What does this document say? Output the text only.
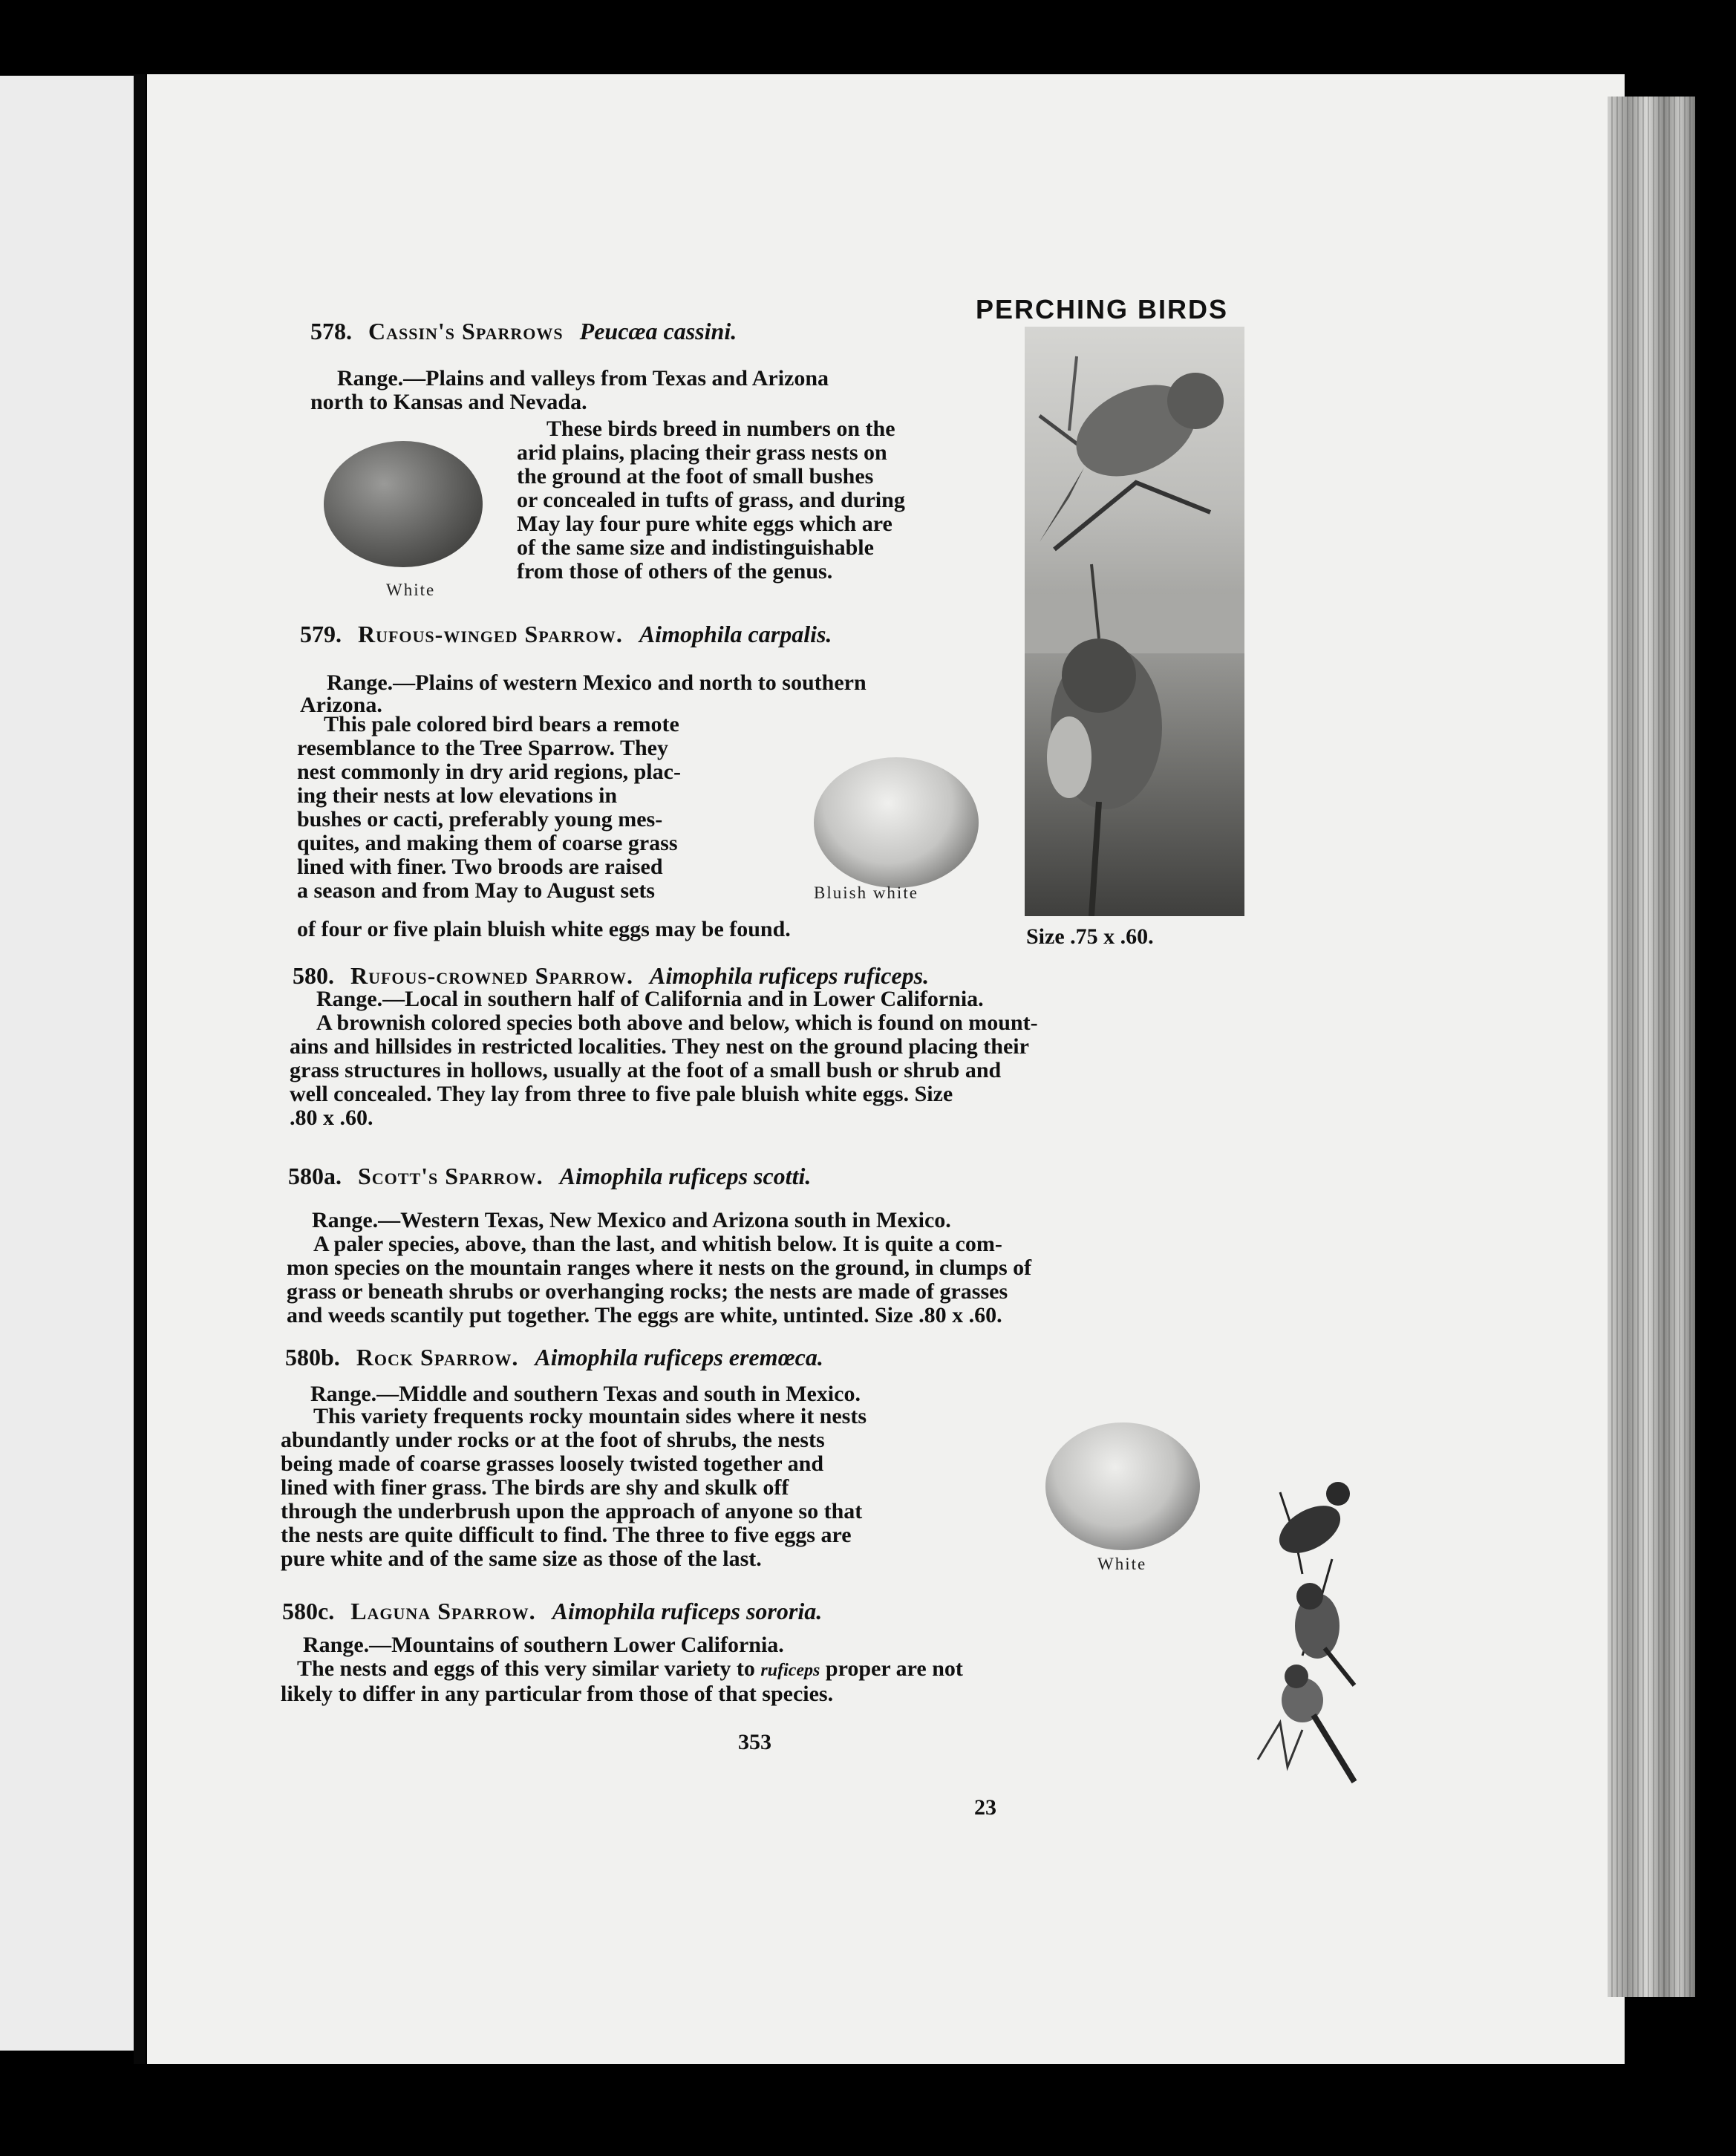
PERCHING BIRDS
578. Cassin's Sparrows Peucæa cassini.
Range.—Plains and valleys from Texas and Arizona
north to Kansas and Nevada.

These birds breed in numbers on the

arid plains, placing their grass nests on

the ground at the foot of small bushes

or concealed in tufts of grass, and during

May lay four pure white eggs which are

of the same size and indistinguishable

from those of others of the genus.

White
579. Rufous-winged Sparrow. Aimophila carpalis.
Range.—Plains of western Mexico and north to southern
Arizona.

This pale colored bird bears a remote

resemblance to the Tree Sparrow. They

nest commonly in dry arid regions, plac-

ing their nests at low elevations in

bushes or cacti, preferably young mes-

quites, and making them of coarse grass

lined with finer. Two broods are raised

a season and from May to August sets	Bluish white
of four or five plain bluish white eggs may be found.	Size .75 x .60.
580. Rufous-crowned Sparrow. Aimophila ruficeps ruficeps.
Range.—Local in southern half of California and in Lower California.

A brownish colored species both above and below, which is found on mount-

ains and hillsides in restricted localities. They nest on the ground placing their

grass structures in hollows, usually at the foot of a small bush or shrub and

well concealed. They lay from three to five pale bluish white eggs. Size

.80 x .60.

580a. Scott's Sparrow. Aimophila ruficeps scotti.
Range.—Western Texas, New Mexico and Arizona south in Mexico.

A paler species, above, than the last, and whitish below. It is quite a com-

mon species on the mountain ranges where it nests on the ground, in clumps of

grass or beneath shrubs or overhanging rocks; the nests are made of grasses

and weeds scantily put together. The eggs are white, untinted. Size .80 x .60.

580b. Rock Sparrow. Aimophila ruficeps eremœca.
Range.—Middle and southern Texas and south in Mexico.

This variety frequents rocky mountain sides where it nests

abundantly under rocks or at the foot of shrubs, the nests

being made of coarse grasses loosely twisted together and

lined with finer grass. The birds are shy and skulk off

through the underbrush upon the approach of anyone so that

the nests are quite difficult to find. The three to five eggs are

pure white and of the same size as those of the last.	White
580c. Laguna Sparrow. Aimophila ruficeps sororia.
Range.—Mountains of southern Lower California.

The nests and eggs of this very similar variety to ruficeps proper are not

likely to differ in any particular from those of that species.

353
23
